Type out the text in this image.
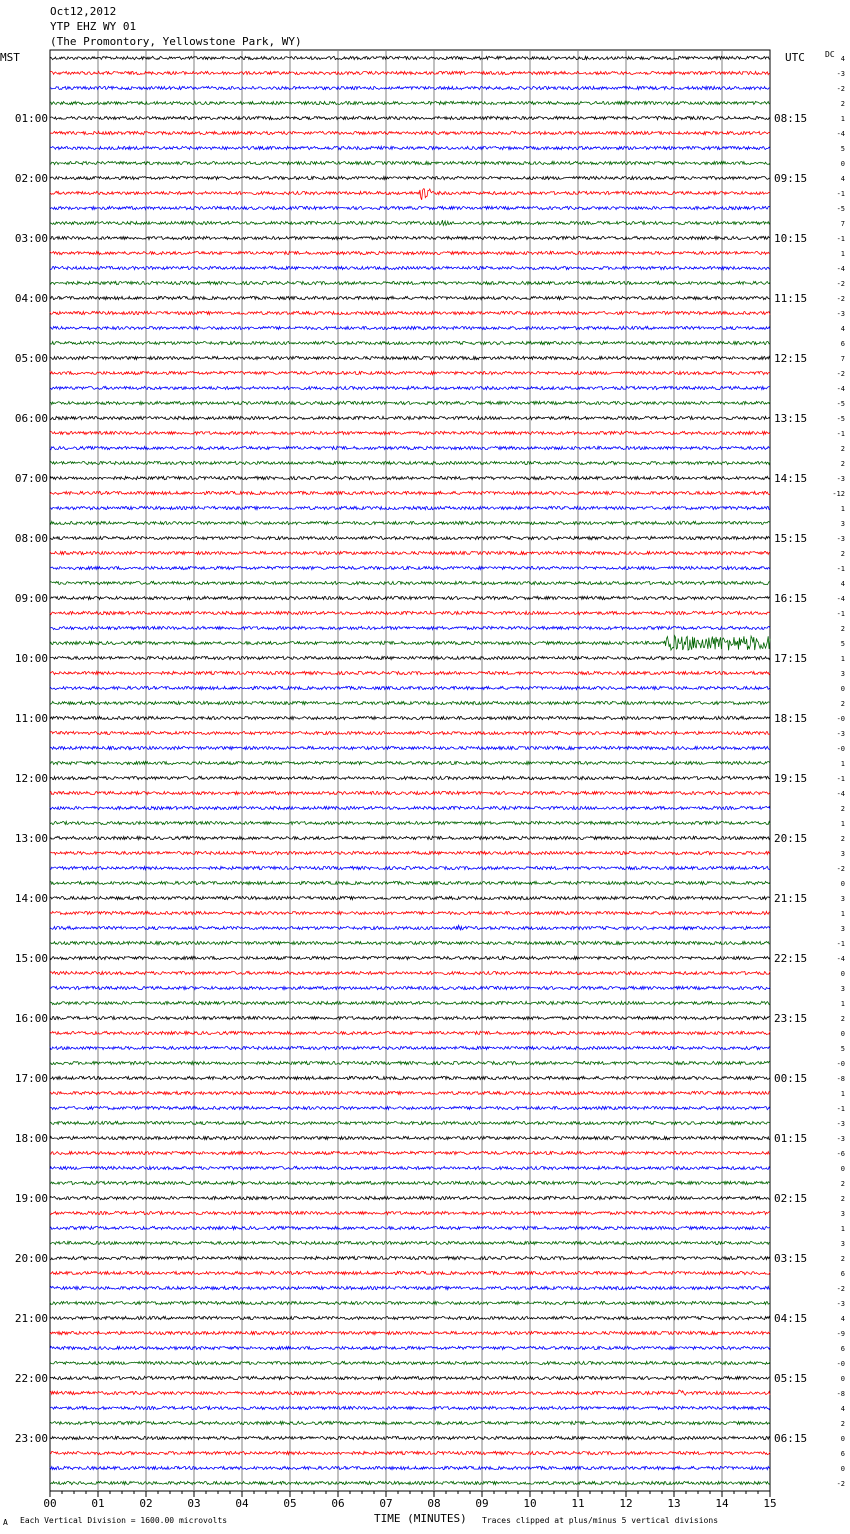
Oct12,2012
YTP EHZ WY 01
(The Promontory, Yellowstone Park, WY)
MST	UTC	DC
00	01	02	03	04	05	06	07	08	09	10	11	12	13	14	15
4
-3
-2
2
1
-4
5
0
4
-1
-5
7
-1
1
-4
-2
-2
-3
4
6
7
-2
-4
-5
-5
-1
2
2
-3
-12
1
3
-3
2
-1
4
-4
-1
2
5
1
3
0
2
-0
-3
-0
1
-1
-4
2
1
2
3
-2
0
3
1
3
-1
-4
0
3
1
2
0
5
-0
-8
1
-1
-3
-3
-6
0
2
2
3
1
3
2
6
-2
-3
4
-9
6
-0
0
-8
4
2
0
6
0
-2
01:00
02:00
03:00
04:00
05:00
06:00
07:00
08:00
09:00
10:00
11:00
12:00
13:00
14:00
15:00
16:00
17:00
18:00
19:00
20:00
21:00
22:00
23:00
08:15
09:15
10:15
11:15
12:15
13:15
14:15
15:15
16:15
17:15
18:15
19:15
20:15
21:15
22:15
23:15
00:15
01:15
02:15
03:15
04:15
05:15
06:15
A Each Vertical Division = 1600.00 microvolts	TIME (MINUTES) Traces clipped at plus/minus 5 vertical divisions
